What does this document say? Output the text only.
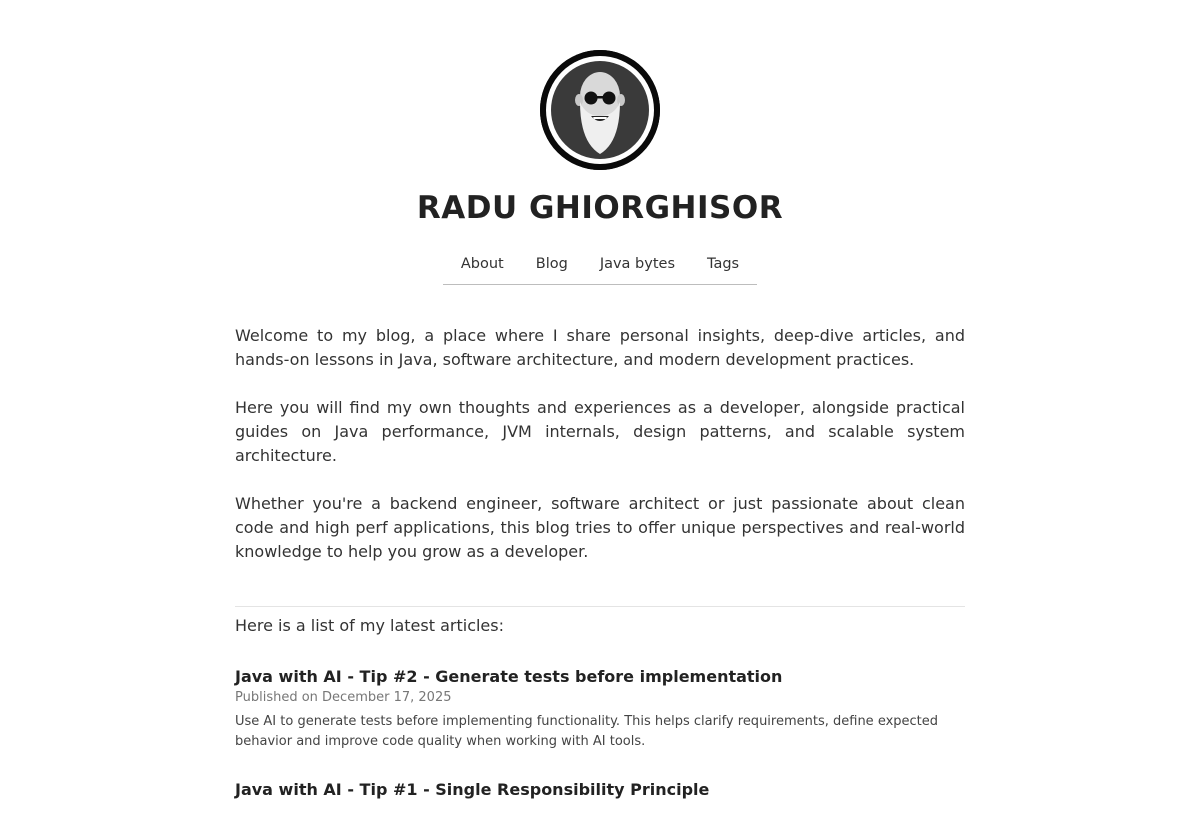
RADU GHIORGHISOR
About	Blog	Java bytes	Tags

Welcome to my blog, a place where I share personal insights, deep-dive articles, and hands-on lessons in Java, software architecture, and modern development practices.

Here you will find my own thoughts and experiences as a developer, alongside practical guides on Java performance, JVM internals, design patterns, and scalable system architecture.

Whether you're a backend engineer, software architect or just passionate about clean code and high perf applications, this blog tries to offer unique perspectives and real-world knowledge to help you grow as a developer.

Here is a list of my latest articles:
Java with AI - Tip #2 - Generate tests before implementation
Published on December 17, 2025
Use AI to generate tests before implementing functionality. This helps clarify requirements, define expected behavior and improve code quality when working with AI tools.
Java with AI - Tip #1 - Single Responsibility Principle
